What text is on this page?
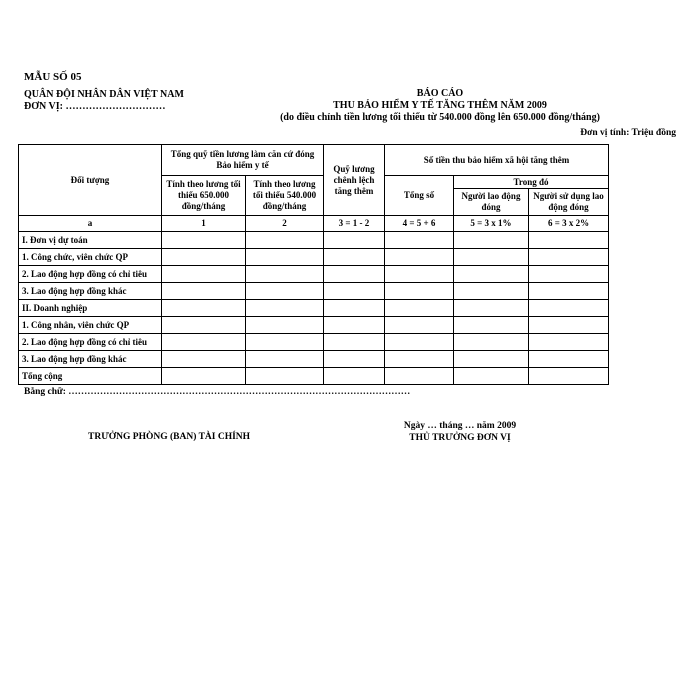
MẪU SỐ 05
QUÂN ĐỘI NHÂN DÂN VIỆT NAM
ĐƠN VỊ: …………………………
BÁO CÁO
THU BẢO HIỂM Y TẾ TĂNG THÊM NĂM 2009
(do điều chỉnh tiền lương tối thiểu từ 540.000 đồng lên 650.000 đồng/tháng)
Đơn vị tính: Triệu đồng
Đối tượng	Tổng quỹ tiền lương làm căn cứ đóng Bảo hiểm y tế		Quỹ lương chênh lệch tăng thêm	Số tiền thu bảo hiểm xã hội tăng thêm		
	Tính theo lương tối thiểu 650.000 đồng/tháng	Tính theo lương tối thiểu 540.000 đồng/tháng		Tổng số	Trong đó	
					Người lao động đóng	Người sử dụng lao động đóng
a	1	2	3 = 1 - 2	4 = 5 + 6	5 = 3 x 1%	6 = 3 x 2%
I. Đơn vị dự toán						
1. Công chức, viên chức QP						
2. Lao động hợp đồng có chỉ tiêu						
3. Lao động hợp đồng khác						
II. Doanh nghiệp						
1. Công nhân, viên chức QP						
2. Lao động hợp đồng có chỉ tiêu						
3. Lao động hợp đồng khác						
Tổng cộng						
Bằng chữ: ………………………………………………………………………………………………
TRƯỞNG PHÒNG (BAN) TÀI CHÍNH
Ngày … tháng … năm 2009
THỦ TRƯỞNG ĐƠN VỊ
